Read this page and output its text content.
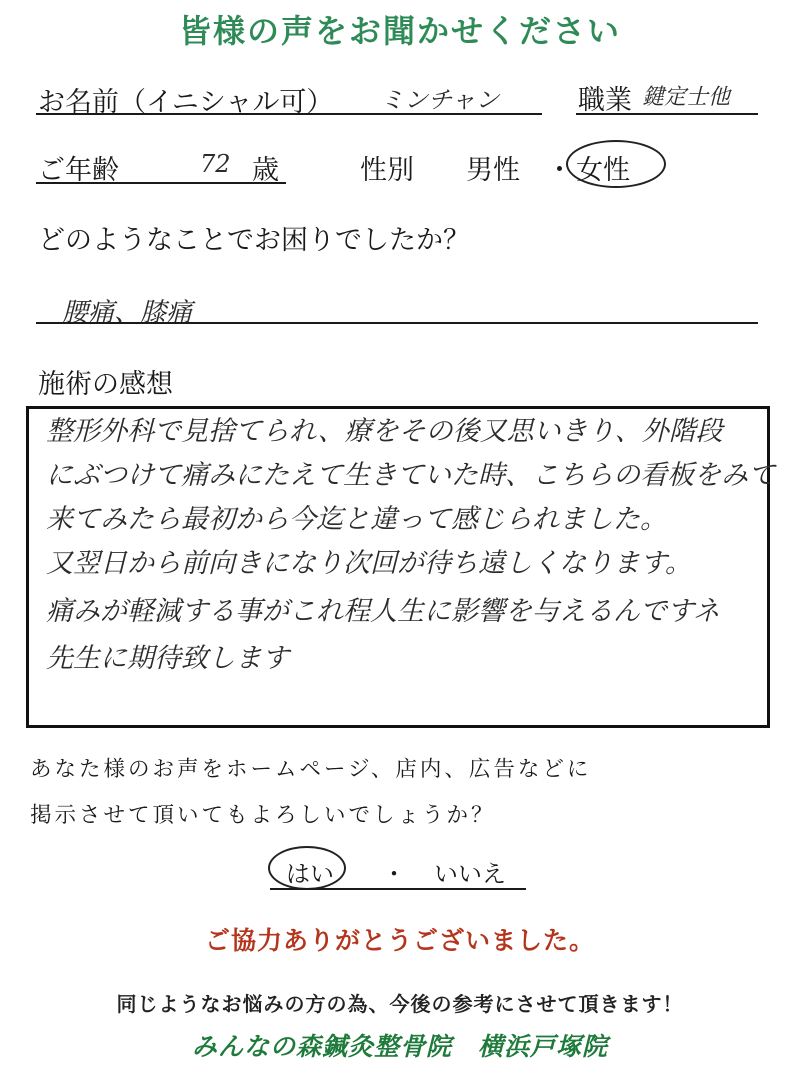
皆様の声をお聞かせください
お名前（イニシャル可） ミンチャン	職業 鍵定士他
ご年齢	72 歳	性別 男性 ・ 女性
どのようなことでお困りでしたか？
腰痛、膝痛
施術の感想
整形外科で見捨てられ、療をその後又思いきり、外階段
にぶつけて痛みにたえて生きていた時、こちらの看板をみて
来てみたら最初から今迄と違って感じられました。
又翌日から前向きになり次回が待ち遠しくなります。
痛みが軽減する事がこれ程人生に影響を与えるんですネ
先生に期待致します
あなた様のお声をホームページ、店内、広告などに
掲示させて頂いてもよろしいでしょうか？
はい ・ いいえ
ご協力ありがとうございました。
同じようなお悩みの方の為、今後の参考にさせて頂きます！
みんなの森鍼灸整骨院　横浜戸塚院
